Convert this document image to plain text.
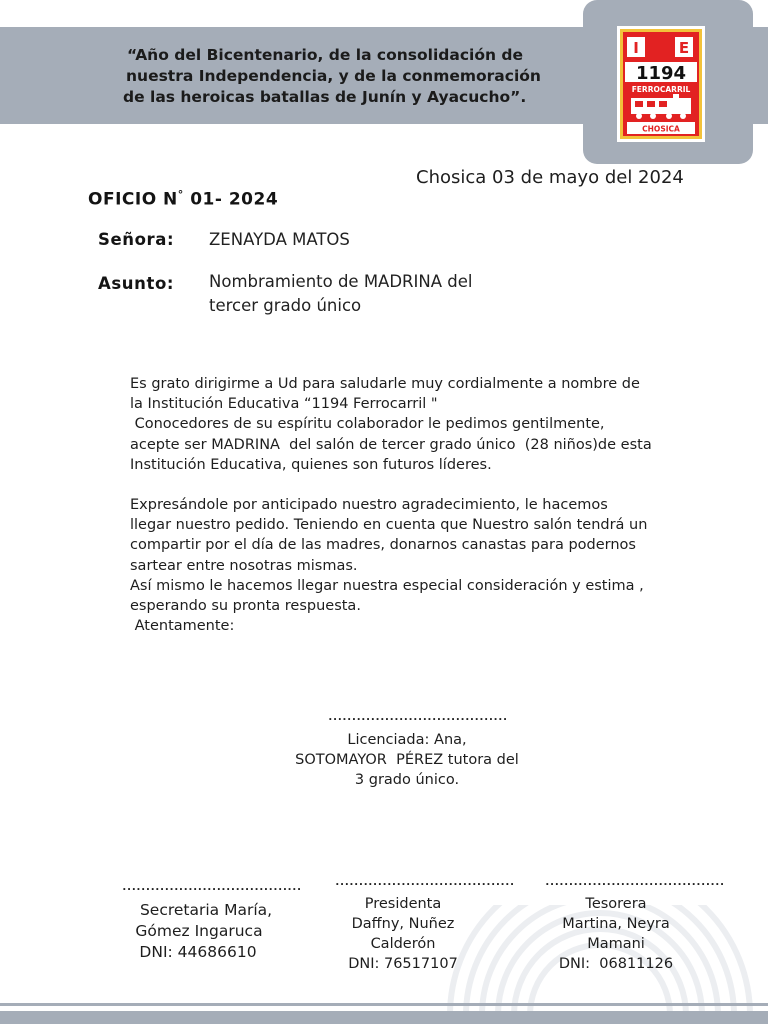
“Año del Bicentenario, de la consolidación de

nuestra Independencia, y de la conmemoración

de las heroicas batallas de Junín y Ayacucho”.

I	E
1194
FERROCARRIL
CHOSICA
Chosica 03 de mayo del 2024
OFICIO N° 01- 2024
Señora: ZENAYDA MATOS
Asunto: Nombramiento de MADRINA del
tercer grado único

Es grato dirigirme a Ud para saludarle muy cordialmente a nombre de

la Institución Educativa “1194 Ferrocarril "

Conocedores de su espíritu colaborador le pedimos gentilmente,

acepte ser MADRINA  del salón de tercer grado único  (28 niños)de esta

Institución Educativa, quienes son futuros líderes.

Expresándole por anticipado nuestro agradecimiento, le hacemos

llegar nuestro pedido. Teniendo en cuenta que Nuestro salón tendrá un

compartir por el día de las madres, donarnos canastas para podernos

sartear entre nosotras mismas.

Así mismo le hacemos llegar nuestra especial consideración y estima ,

esperando su pronta respuesta.

Atentamente:

......................................

Licenciada: Ana,

SOTOMAYOR  PÉREZ tutora del

3 grado único.

......................................

Secretaria María,

Gómez Ingaruca

DNI: 44686610

......................................

Presidenta

Daffny, Nuñez

Calderón

DNI: 76517107

......................................

Tesorera

Martina, Neyra

Mamani

DNI:  06811126
